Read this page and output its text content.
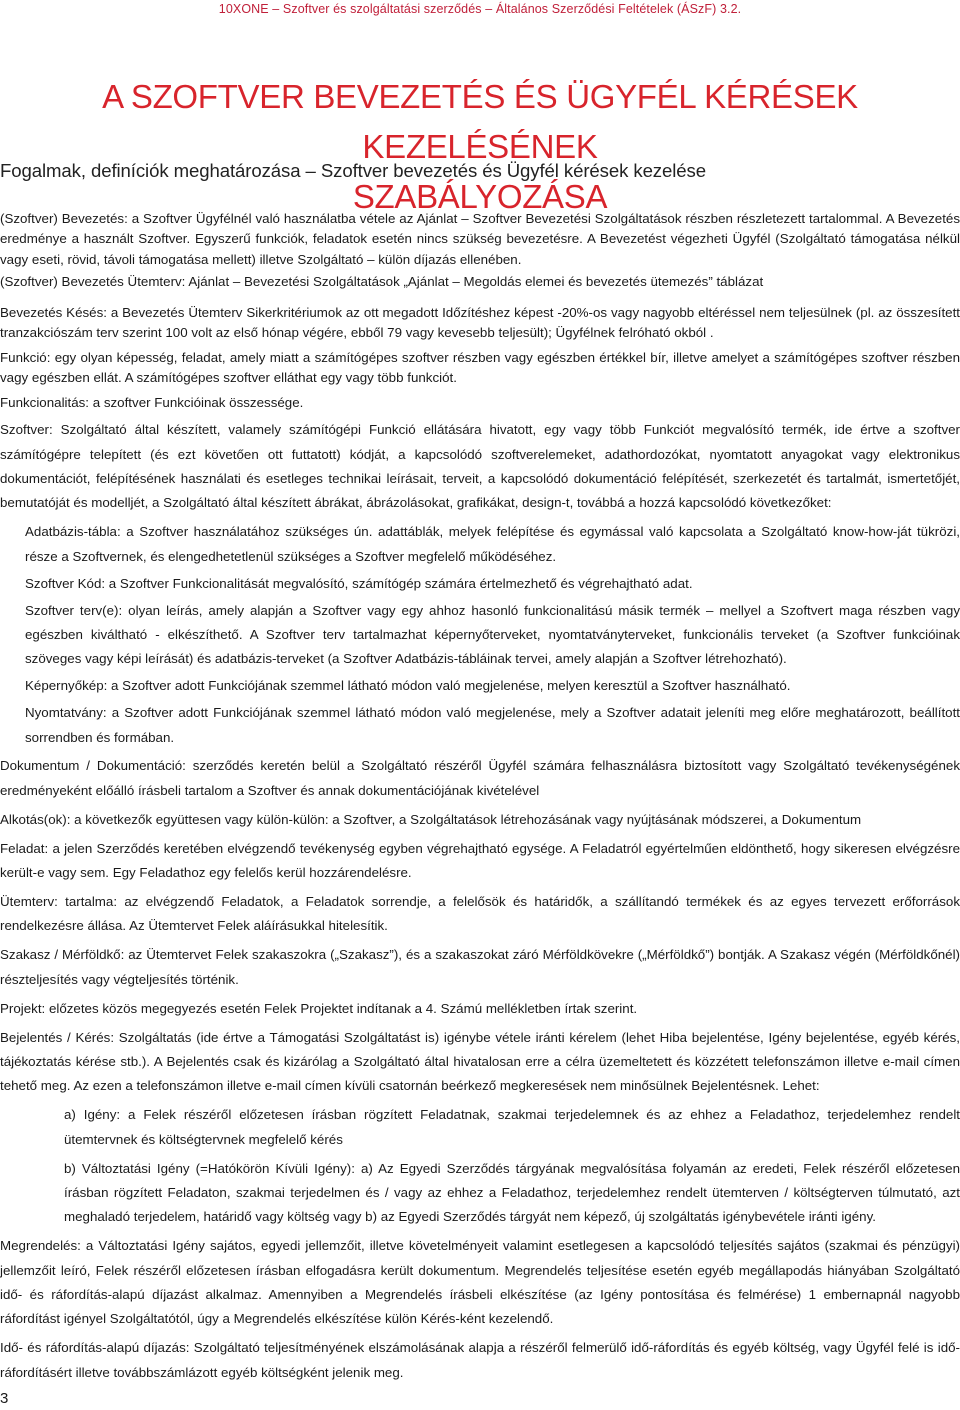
10XONE – Szoftver és szolgáltatási szerződés – Általános Szerződési Feltételek (ÁSzF) 3.2.
A SZOFTVER BEVEZETÉS ÉS ÜGYFÉL KÉRÉSEK KEZELÉSÉNEK
SZABÁLYOZÁSA
Fogalmak, definíciók meghatározása – Szoftver bevezetés és Ügyfél kérések kezelése

(Szoftver) Bevezetés: a Szoftver Ügyfélnél való használatba vétele az Ajánlat – Szoftver Bevezetési Szolgáltatások részben részletezett tartalommal. A Bevezetés eredménye a használt Szoftver. Egyszerű funkciók, feladatok esetén nincs szükség bevezetésre. A Bevezetést végezheti Ügyfél (Szolgáltató támogatása nélkül vagy eseti, rövid, távoli támogatása mellett) illetve Szolgáltató – külön díjazás ellenében.

(Szoftver) Bevezetés Ütemterv: Ajánlat – Bevezetési Szolgáltatások „Ajánlat – Megoldás elemei és bevezetés ütemezés” táblázat

Bevezetés Késés: a Bevezetés Ütemterv Sikerkritériumok az ott megadott Időzítéshez képest -20%-os vagy nagyobb eltéréssel nem teljesülnek (pl. az összesített tranzakciószám terv szerint 100 volt az első hónap végére, ebből 79 vagy kevesebb teljesült); Ügyfélnek felróható okból .

Funkció: egy olyan képesség, feladat, amely miatt a számítógépes szoftver részben vagy egészben értékkel bír, illetve amelyet a számítógépes szoftver részben vagy egészben ellát. A számítógépes szoftver elláthat egy vagy több funkciót.

Funkcionalitás: a szoftver Funkcióinak összessége.

Szoftver: Szolgáltató által készített, valamely számítógépi Funkció ellátására hivatott, egy vagy több Funkciót megvalósító termék, ide értve a szoftver számítógépre telepített (és ezt követően ott futtatott) kódját, a kapcsolódó szoftverelemeket, adathordozókat, nyomtatott anyagokat vagy elektronikus dokumentációt, felépítésének használati és esetleges technikai leírásait, terveit, a kapcsolódó dokumentáció felépítését, szerkezetét és tartalmát, ismertetőjét, bemutatóját és modelljét, a Szolgáltató által készített ábrákat, ábrázolásokat, grafikákat, design-t, továbbá a hozzá kapcsolódó következőket:

Adatbázis-tábla: a Szoftver használatához szükséges ún. adattáblák, melyek felépítése és egymással való kapcsolata a Szolgáltató know-how-ját tükrözi, része a Szoftvernek, és elengedhetetlenül szükséges a Szoftver megfelelő működéséhez.

Szoftver Kód: a Szoftver Funkcionalitását megvalósító, számítógép számára értelmezhető és végrehajtható adat.

Szoftver terv(e): olyan leírás, amely alapján a Szoftver vagy egy ahhoz hasonló funkcionalitású másik termék – mellyel a Szoftvert maga részben vagy egészben kiváltható - elkészíthető. A Szoftver terv tartalmazhat képernyőterveket, nyomtatványterveket, funkcionális terveket (a Szoftver funkcióinak szöveges vagy képi leírását) és adatbázis-terveket (a Szoftver Adatbázis-tábláinak tervei, amely alapján a Szoftver létrehozható).

Képernyőkép: a Szoftver adott Funkciójának szemmel látható módon való megjelenése, melyen keresztül a Szoftver használható.

Nyomtatvány: a Szoftver adott Funkciójának szemmel látható módon való megjelenése, mely a Szoftver adatait jeleníti meg előre meghatározott, beállított sorrendben és formában.

Dokumentum / Dokumentáció: szerződés keretén belül a Szolgáltató részéről Ügyfél számára felhasználásra biztosított vagy Szolgáltató tevékenységének eredményeként előálló írásbeli tartalom a Szoftver és annak dokumentációjának kivételével

Alkotás(ok): a következők együttesen vagy külön-külön: a Szoftver, a Szolgáltatások létrehozásának vagy nyújtásának módszerei, a Dokumentum

Feladat: a jelen Szerződés keretében elvégzendő tevékenység egyben végrehajtható egysége. A Feladatról egyértelműen eldönthető, hogy sikeresen elvégzésre került-e vagy sem. Egy Feladathoz egy felelős kerül hozzárendelésre.

Ütemterv: tartalma: az elvégzendő Feladatok, a Feladatok sorrendje, a felelősök és határidők, a szállítandó termékek és az egyes tervezett erőforrások rendelkezésre állása. Az Ütemtervet Felek aláírásukkal hitelesítik.

Szakasz / Mérföldkő: az Ütemtervet Felek szakaszokra („Szakasz”), és a szakaszokat záró Mérföldkövekre („Mérföldkő”) bontják. A Szakasz végén (Mérföldkőnél) részteljesítés vagy végteljesítés történik.

Projekt: előzetes közös megegyezés esetén Felek Projektet indítanak a 4. Számú mellékletben írtak szerint.

Bejelentés / Kérés: Szolgáltatás (ide értve a Támogatási Szolgáltatást is) igénybe vétele iránti kérelem (lehet Hiba bejelentése, Igény bejelentése, egyéb kérés, tájékoztatás kérése stb.). A Bejelentés csak és kizárólag a Szolgáltató által hivatalosan erre a célra üzemeltetett és közzétett telefonszámon illetve e-mail címen tehető meg. Az ezen a telefonszámon illetve e-mail címen kívüli csatornán beérkező megkeresések nem minősülnek Bejelentésnek. Lehet:

a) Igény: a Felek részéről előzetesen írásban rögzített Feladatnak, szakmai terjedelemnek és az ehhez a Feladathoz, terjedelemhez rendelt ütemtervnek és költségtervnek megfelelő kérés

b) Változtatási Igény (=Hatókörön Kívüli Igény): a) Az Egyedi Szerződés tárgyának megvalósítása folyamán az eredeti, Felek részéről előzetesen írásban rögzített Feladaton, szakmai terjedelmen és / vagy az ehhez a Feladathoz, terjedelemhez rendelt ütemterven / költségterven túlmutató, azt meghaladó terjedelem, határidő vagy költség vagy b) az Egyedi Szerződés tárgyát nem képező, új szolgáltatás igénybevétele iránti igény.

Megrendelés: a Változtatási Igény sajátos, egyedi jellemzőit, illetve követelményeit valamint esetlegesen a kapcsolódó teljesítés sajátos (szakmai és pénzügyi) jellemzőit leíró, Felek részéről előzetesen írásban elfogadásra került dokumentum. Megrendelés teljesítése esetén egyéb megállapodás hiányában Szolgáltató idő- és ráfordítás-alapú díjazást alkalmaz. Amennyiben a Megrendelés írásbeli elkészítése (az Igény pontosítása és felmérése) 1 embernapnál nagyobb ráfordítást igényel Szolgáltatótól, úgy a Megrendelés elkészítése külön Kérés-ként kezelendő.

Idő- és ráfordítás-alapú díjazás: Szolgáltató teljesítményének elszámolásának alapja a részéről felmerülő idő-ráfordítás és egyéb költség, vagy Ügyfél felé is idő-ráfordításért illetve továbbszámlázott egyéb költségként jelenik meg.

3
